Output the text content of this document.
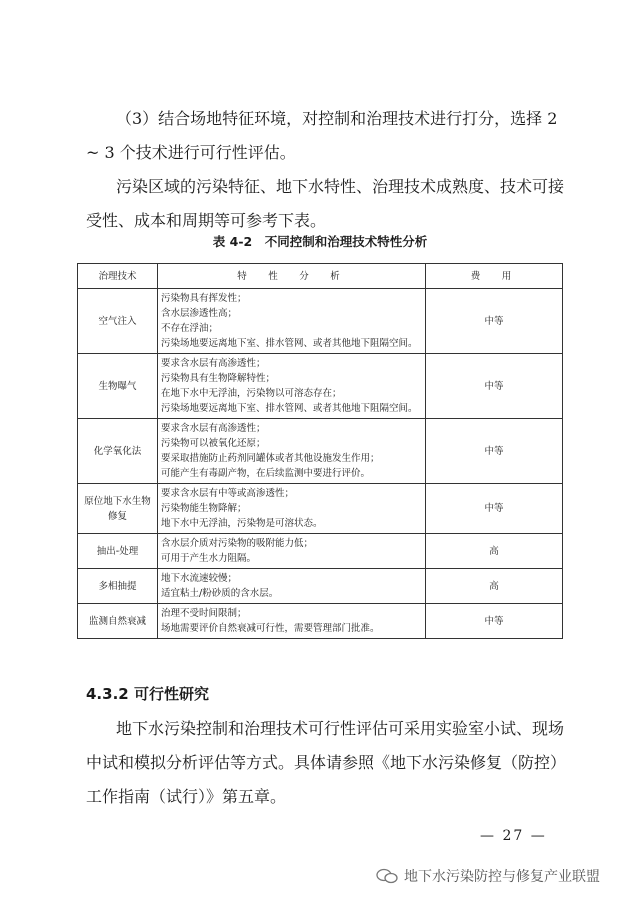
（3）结合场地特征环境，对控制和治理技术进行打分，选择 2 ~ 3 个技术进行可行性评估。

污染区域的污染特征、地下水特性、治理技术成熟度、技术可接受性、成本和周期等可参考下表。

表 4-2　不同控制和治理技术特性分析
治理技术	特　性　分　析	费　用
空气注入	污染物具有挥发性；
含水层渗透性高；
不存在浮油；
污染场地要远离地下室、排水管网、或者其他地下阻隔空间。	中等
生物曝气	要求含水层有高渗透性；
污染物具有生物降解特性；
在地下水中无浮油，污染物以可溶态存在；
污染场地要远离地下室、排水管网、或者其他地下阻隔空间。	中等
化学氧化法	要求含水层有高渗透性；
污染物可以被氧化还原；
要采取措施防止药剂同罐体或者其他设施发生作用；
可能产生有毒副产物，在后续监测中要进行评价。	中等
原位地下水生物修复	要求含水层有中等或高渗透性；
污染物能生物降解；
地下水中无浮油，污染物是可溶状态。	中等
抽出-处理	含水层介质对污染物的吸附能力低；
可用于产生水力阻隔。	高
多相抽提	地下水流速较慢；
适宜粘土/粉砂质的含水层。	高
监测自然衰减	治理不受时间限制；
场地需要评价自然衰减可行性，需要管理部门批准。	中等
4.3.2 可行性研究

地下水污染控制和治理技术可行性评估可采用实验室小试、现场中试和模拟分析评估等方式。具体请参照《地下水污染修复（防控）工作指南（试行）》第五章。

— 27 —
地下水污染防控与修复产业联盟
